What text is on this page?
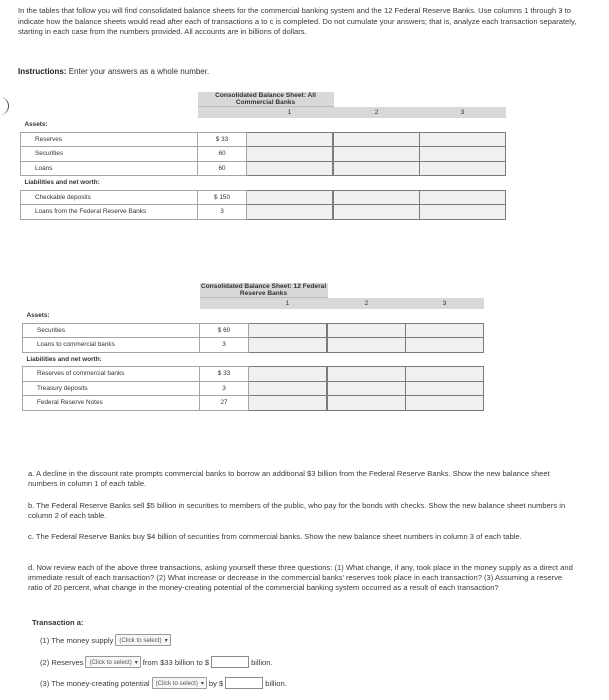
In the tables that follow you will find consolidated balance sheets for the commercial banking system and the 12 Federal Reserve Banks. Use columns 1 through 3 to indicate how the balance sheets would read after each of transactions a to c is completed. Do not cumulate your answers; that is, analyze each transaction separately, starting in each case from the numbers provided. All accounts are in billions of dollars.
Instructions: Enter your answers as a whole number.
	Consolidated Balance Sheet: All Commercial Banks			
		1		2	3
Assets:					
Reserves	$ 33				
Securities	60				
Loans	60				
Liabilities and net worth:					
Checkable deposits	$ 150				
Loans from the Federal Reserve Banks	3				
	Consolidated Balance Sheet: 12 Federal Reserve Banks			
		1		2	3
Assets:					
Securities	$ 60				
Loans to commercial banks	3				
Liabilities and net worth:					
Reserves of commercial banks	$ 33				
Treasury deposits	3				
Federal Reserve Notes	27				
a. A decline in the discount rate prompts commercial banks to borrow an additional $3 billion from the Federal Reserve Banks. Show the new balance sheet numbers in column 1 of each table.
b. The Federal Reserve Banks sell $5 billion in securities to members of the public, who pay for the bonds with checks. Show the new balance sheet numbers in column 2 of each table.
c. The Federal Reserve Banks buy $4 billion of securities from commercial banks. Show the new balance sheet numbers in column 3 of each table.
d. Now review each of the above three transactions, asking yourself these three questions: (1) What change, if any, took place in the money supply as a direct and immediate result of each transaction? (2) What increase or decrease in the commercial banks' reserves took place in each transaction? (3) Assuming a reserve ratio of 20 percent, what change in the money-creating potential of the commercial banking system occurred as a result of each transaction?
Transaction a:
(1) The money supply (Click to select) ▾
(2) Reserves (Click to select) ▾ from $33 billion to $	billion.
(3) The money-creating potential (Click to select) ▾ by $	billion.
